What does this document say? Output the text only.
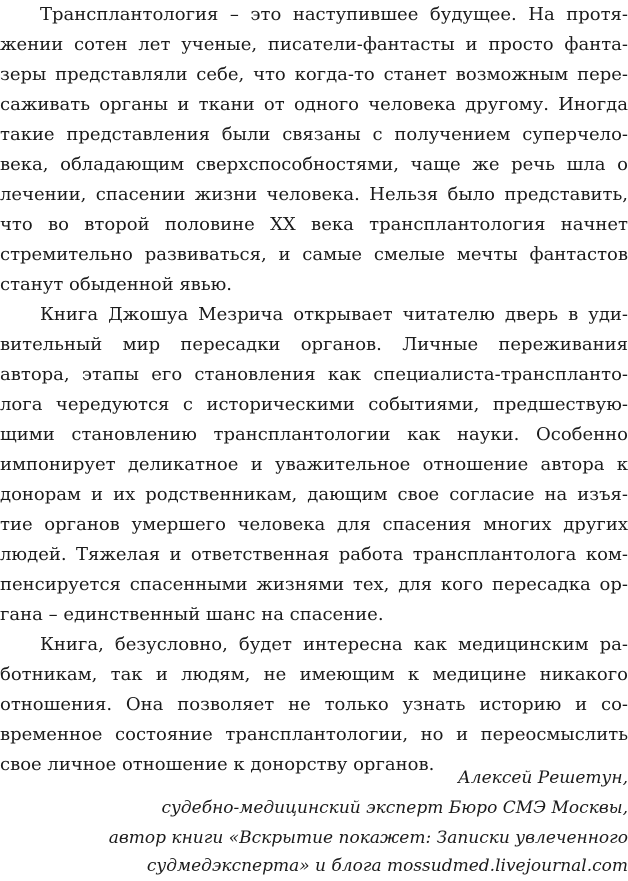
Трансплантология – это наступившее будущее. На протя-
жении сотен лет ученые, писатели-фантасты и просто фанта-
зеры представляли себе, что когда-то станет возможным пере-
саживать органы и ткани от одного человека другому. Иногда
такие представления были связаны с получением суперчело-
века, обладающим сверхспособностями, чаще же речь шла о
лечении, спасении жизни человека. Нельзя было представить,
что во второй половине XX века трансплантология начнет
стремительно развиваться, и самые смелые мечты фантастов
станут обыденной явью.
Книга Джошуа Мезрича открывает читателю дверь в уди-
вительный мир пересадки органов. Личные переживания
автора, этапы его становления как специалиста-транспланто-
лога чередуются с историческими событиями, предшествую-
щими становлению трансплантологии как науки. Особенно
импонирует деликатное и уважительное отношение автора к
донорам и их родственникам, дающим свое согласие на изъя-
тие органов умершего человека для спасения многих других
людей. Тяжелая и ответственная работа трансплантолога ком-
пенсируется спасенными жизнями тех, для кого пересадка ор-
гана – единственный шанс на спасение.
Книга, безусловно, будет интересна как медицинским ра-
ботникам, так и людям, не имеющим к медицине никакого
отношения. Она позволяет не только узнать историю и со-
временное состояние трансплантологии, но и переосмыслить
свое личное отношение к донорству органов.
Алексей Решетун,
судебно-медицинский эксперт Бюро СМЭ Москвы,
автор книги «Вскрытие покажет: Записки увлеченного
судмедэксперта» и блога mossudmed.livejournal.com
